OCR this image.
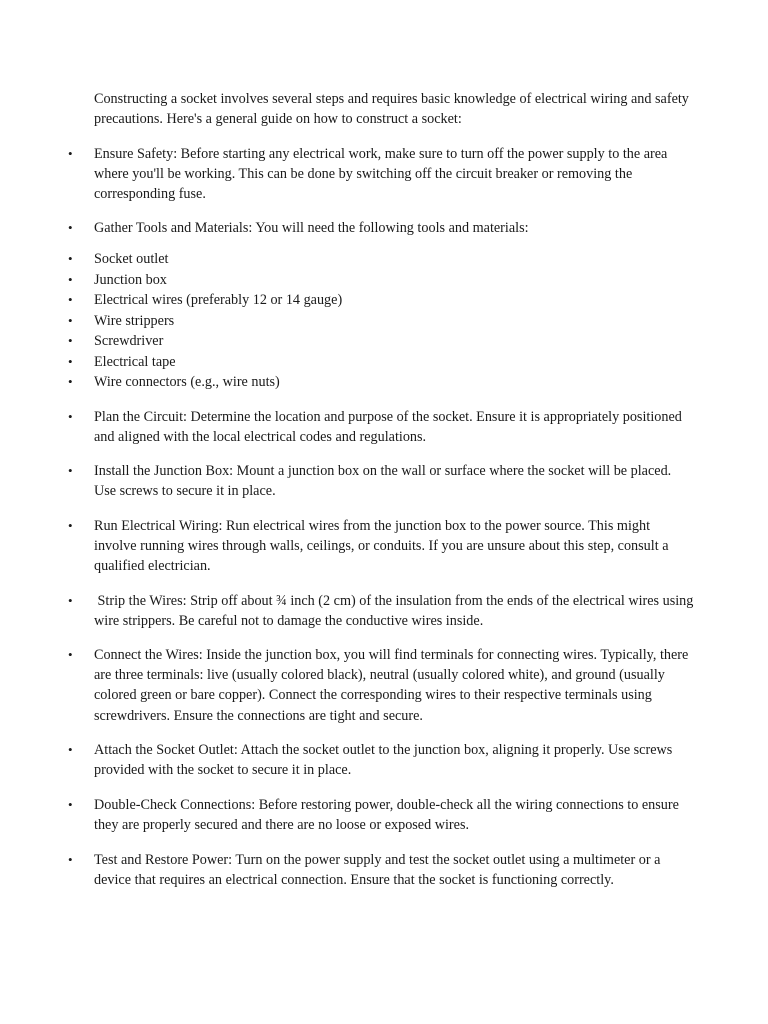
Constructing a socket involves several steps and requires basic knowledge of electrical wiring and safety precautions. Here's a general guide on how to construct a socket:

•	Ensure Safety: Before starting any electrical work, make sure to turn off the power supply to the area where you'll be working. This can be done by switching off the circuit breaker or removing the corresponding fuse.
•	Gather Tools and Materials: You will need the following tools and materials:
•	Socket outlet
•	Junction box
•	Electrical wires (preferably 12 or 14 gauge)
•	Wire strippers
•	Screwdriver
•	Electrical tape
•	Wire connectors (e.g., wire nuts)
•	Plan the Circuit: Determine the location and purpose of the socket. Ensure it is appropriately positioned and aligned with the local electrical codes and regulations.
•	Install the Junction Box: Mount a junction box on the wall or surface where the socket will be placed. Use screws to secure it in place.
•	Run Electrical Wiring: Run electrical wires from the junction box to the power source. This might involve running wires through walls, ceilings, or conduits. If you are unsure about this step, consult a qualified electrician.
•	Strip the Wires: Strip off about ¾ inch (2 cm) of the insulation from the ends of the electrical wires using wire strippers. Be careful not to damage the conductive wires inside.
•	Connect the Wires: Inside the junction box, you will find terminals for connecting wires. Typically, there are three terminals: live (usually colored black), neutral (usually colored white), and ground (usually colored green or bare copper). Connect the corresponding wires to their respective terminals using screwdrivers. Ensure the connections are tight and secure.
•	Attach the Socket Outlet: Attach the socket outlet to the junction box, aligning it properly. Use screws provided with the socket to secure it in place.
•	Double-Check Connections: Before restoring power, double-check all the wiring connections to ensure they are properly secured and there are no loose or exposed wires.
•	Test and Restore Power: Turn on the power supply and test the socket outlet using a multimeter or a device that requires an electrical connection. Ensure that the socket is functioning correctly.
